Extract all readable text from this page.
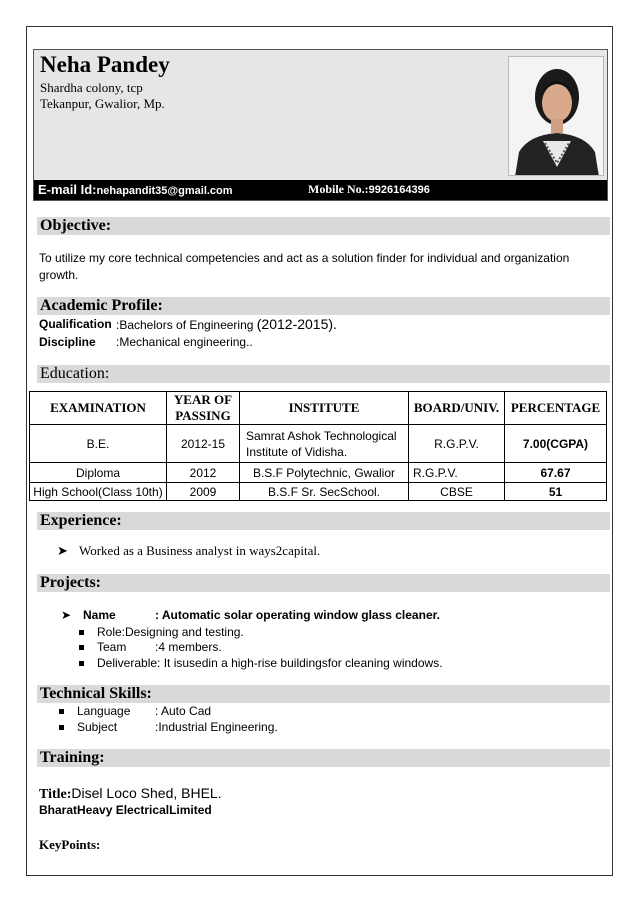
Neha Pandey
Shardha colony, tcp
Tekanpur, Gwalior, Mp.
E-mail Id:nehapandit35@gmail.com	Mobile No.:9926164396
Objective:
To utilize my core technical competencies and act as a solution finder for individual and organization growth.
Academic Profile:
Qualification :Bachelors of Engineering (2012-2015).
Discipline :Mechanical engineering..
Education:
EXAMINATION	YEAR OF PASSING	INSTITUTE	BOARD/UNIV.	PERCENTAGE
B.E.	2012-15	Samrat Ashok Technological Institute of Vidisha.	R.G.P.V.	7.00(CGPA)
Diploma	2012	B.S.F Polytechnic, Gwalior	R.G.P.V.	67.67
High School(Class 10th)	2009	B.S.F Sr. SecSchool.	CBSE	51
Experience:
➤ Worked as a Business analyst in ways2capital.
Projects:
➤ Name	: Automatic solar operating window glass cleaner.
Role:Designing and testing.
Team :4 members.
Deliverable: It isusedin a high-rise buildingsfor cleaning windows.
Technical Skills:
Language : Auto Cad
Subject	:Industrial Engineering.
Training:
Title:Disel Loco Shed, BHEL.
BharatHeavy ElectricalLimited
KeyPoints:
